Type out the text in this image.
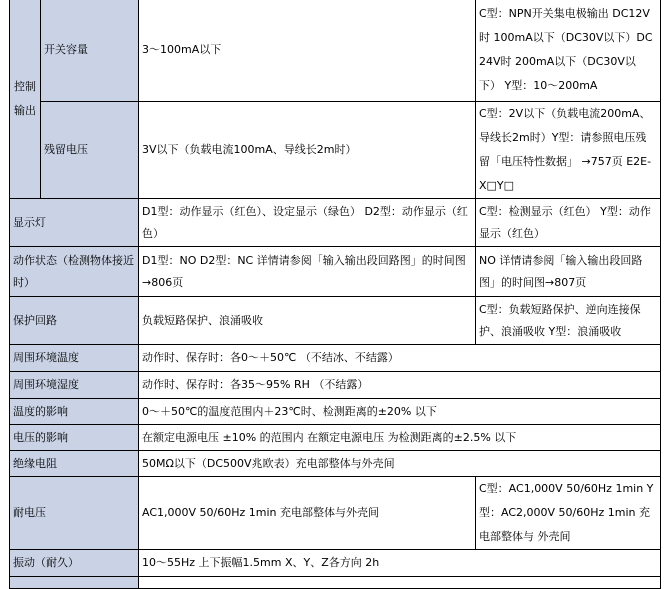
控制输出	开关容量	3～100mA以下	C型：NPN开关集电极输出 DC12V时 100mA以下（DC30V以下）DC24V时 200mA以下（DC30V以下） Y型：10～200mA
	残留电压	3V以下（负载电流100mA、导线长2m时）	C型：2V以下（负载电流200mA、导线长2m时）Y型：请参照电压残留「电压特性数据」 →757页 E2E-X□Y□
显示灯		D1型：动作显示（红色）、设定显示（绿色） D2型：动作显示（红色）	C型：检测显示（红色） Y型：动作显示（红色）
动作状态（检测物体接近时）		D1型：NO D2型：NC 详情请参阅「输入输出段回路图」的时间图→806页	NO 详情请参阅「输入输出段回路图」的时间图→807页
保护回路		负载短路保护、浪涌吸收	C型：负载短路保护、逆向连接保护、浪涌吸收 Y型：浪涌吸收
周围环境温度		动作时、保存时：各0～＋50℃ （不结冰、不结露）	
周围环境湿度		动作时、保存时：各35～95% RH （不结露）	
温度的影响		0～＋50℃的温度范围内＋23℃时、检测距离的±20% 以下	
电压的影响		在额定电源电压 ±10% 的范围内 在额定电源电压 为检测距离的±2.5% 以下	
绝缘电阻		50MΩ以下（DC500V兆欧表）充电部整体与外壳间	
耐电压		AC1,000V 50/60Hz 1min 充电部整体与外壳间	C型：AC1,000V 50/60Hz 1min Y型：AC2,000V 50/60Hz 1min 充电部整体与 外壳间
振动（耐久）		10～55Hz 上下振幅1.5mm X、Y、Z各方向 2h	
